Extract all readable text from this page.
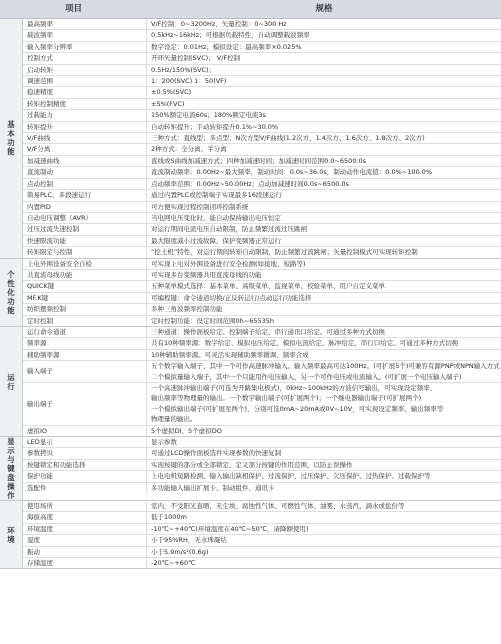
项目	规格
基
本
功
能
最高频率	V/F控制：0~3200Hz，矢量控制：0~300 Hz
载波频率	0.5kHz~16kHz；可根据负载特性，自动调整载波频率
输入频率分辨率	数字设定：0.01Hz；模拟设定：最高频率×0.025%
控制方式	开环矢量控制(SVC)； V/F控制
启动转矩	0.5Hz/150%(SVC)；
调速范围	1：200(SVC) 1：50(VF)
稳速精度	±0.5%(SVC)
转矩控制精度	±5%(FVC)
过载能力	150%额定电流60s；180%额定电流3s
转矩提升	自动转矩提升；手动转矩提升0.1%~30.0%
V/F曲线	三种方式：直线型；多点型；N次方型V/F曲线(1.2次方、1.4次方、1.6次方、1.8次方、2次方)
V/F分离	2种方式：全分离、半分离
加减速曲线	直线或S曲线加减速方式；四种加减速时间；加减速时间范围0.0~6500.0s
直流制动	直流制动频率：0.00Hz~最大频率，制动时间：0.0s~36.0s，制动动作电流值：0.0%~100.0%
点动控制	点动频率范围：0.00Hz~50.00Hz；点动加减速时间0.0s~6500.0s
简易PLC、多段速运行	通过内置PLC或控制端子实现最多16段速运行
内置PID	可方便实现过程控制闭环控制系统
自动电压调整（AVR）	当电网电压变化时，能自动保持输出电压恒定
过压过流失速控制	对运行期间电流电压自动限制，防止频繁过流过压跳闸
快速限流功能	最大限度减小过流故障，保护变频器正常运行
转矩限定与控制	“挖土机”特性，对运行期间转矩自动限制，防止频繁过流跳闸；矢量控制模式可实现转矩控制
个
性
化
功
能
上电外围设备安全自检	可实现上电对外围设备进行安全检测(如接地、短路等)
共直流母线功能	可实现多台变频器共用直流母线的功能
QUICK键	五种菜单模式选择：基本菜单、高级菜单、监视菜单、校验菜单、用户自定义菜单
MF.K键	可编程键：命令通道切换/正反转运行/点动运行功能选择
纺织摆频控制	多种三角波频率控制功能
定时控制	定时控制功能：设定时间范围0h~65535h
运
行
运行命令通道	三种通道：操作面板给定、控制端子给定、串行通讯口给定。可通过多种方式切换
频率源	共有10种频率源：数字给定、模拟电压给定、模拟电流给定、脉冲给定、串行口给定。可通过多种方式切换
辅助频率源	10种辅助频率源。可灵活实现辅助频率微调、频率合成
输入端子
五个数字输入端子，其中一个可作高速脉冲输入。输入频率最高可达100Hz。(可扩展5个)可兼容有源PNP或NPN输入方式
二个模拟量输入端子，其中一个只能用作电压输入，另一个可作电压或电流输入。(可扩展一个电压输入端子)
输出端子
一个高速脉冲输出端子(可选为开路集电极式)，0kHz~100kHz的方波信号输出，可实现设定频率、
输出频率等物理量的输出。一个数字输出端子(可扩展两个)；一个继电器输出端子(可扩展两个)
一个模拟输出端子(可扩展至两个)，分别可选0mA~20mA或0V~10V，可实现设定频率、输出频率等
物理量的输出。
虚拟IO	5个虚拟DI、5个虚拟DO
显
示
与
键
盘
操
作
LED显示	显示参数
参数拷贝	可通过LCD操作面板选件实现参数的快速复制
按键锁定和功能选择	实现按键的部分或全部锁定，定义部分按键的作用范围，以防止误操作
保护功能	上电电机短路检测、输入输出缺相保护、过流保护、过压保护、欠压保护、过热保护、过载保护等
选配件	多功能输入输出扩展卡、制动组件、通讯卡
环
境
使用场所	室内，不受阳光直晒，无尘埃、腐蚀性气体、可燃性气体、油雾、水蒸汽、滴水或盐份等
海拔高度	低于1000m
环境温度	-10℃~+40℃(环境温度在40℃~50℃，请降额使用)
湿度	小于95%RH，无水珠凝结
振动	小于5.9m/s²(0.6g)
存储温度	-20℃~+60℃
